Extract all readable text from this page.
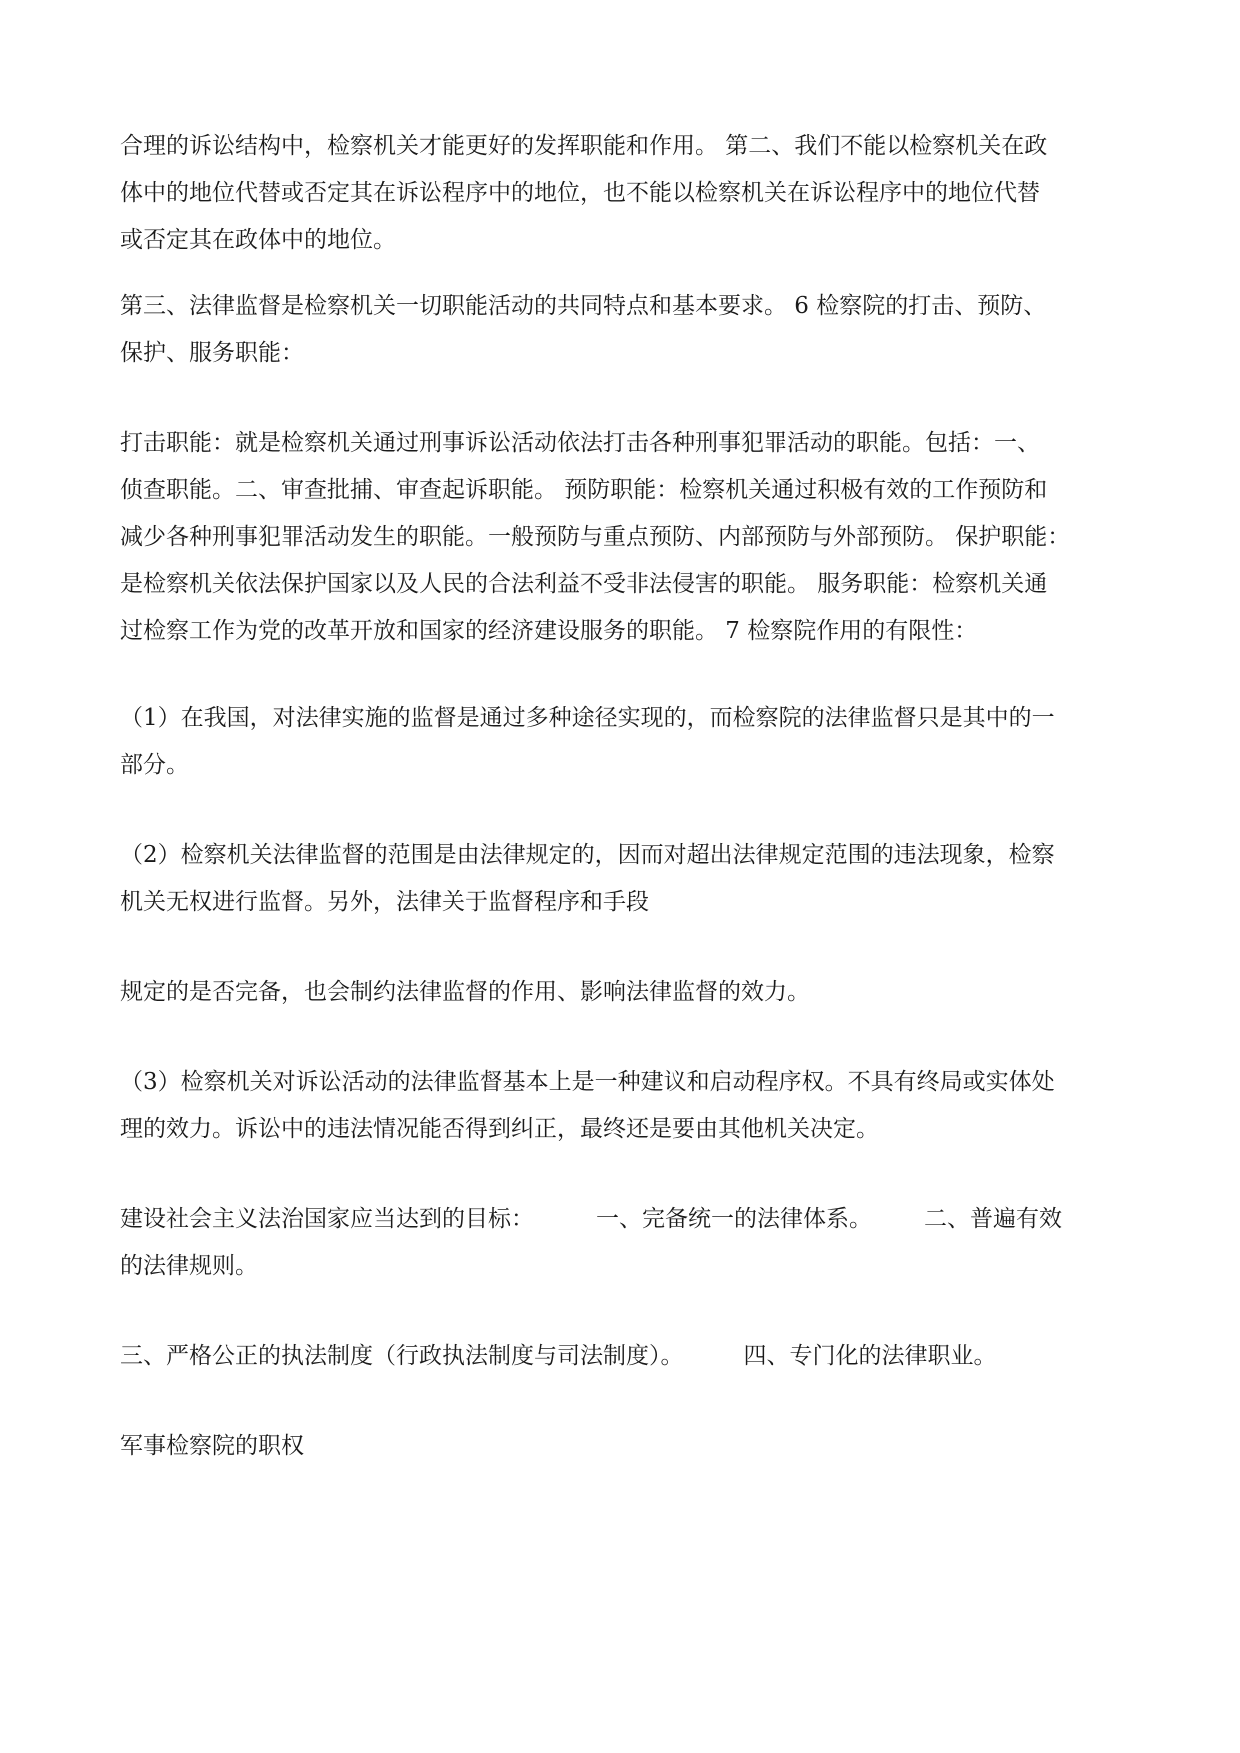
合理的诉讼结构中，检察机关才能更好的发挥职能和作用。 第二、我们不能以检察机关在政
体中的地位代替或否定其在诉讼程序中的地位，也不能以检察机关在诉讼程序中的地位代替
或否定其在政体中的地位。

第三、法律监督是检察机关一切职能活动的共同特点和基本要求。 6 检察院的打击、预防、
保护、服务职能：

打击职能：就是检察机关通过刑事诉讼活动依法打击各种刑事犯罪活动的职能。包括：一、
侦查职能。二、审查批捕、审查起诉职能。 预防职能：检察机关通过积极有效的工作预防和
减少各种刑事犯罪活动发生的职能。一般预防与重点预防、内部预防与外部预防。 保护职能：
是检察机关依法保护国家以及人民的合法利益不受非法侵害的职能。 服务职能：检察机关通
过检察工作为党的改革开放和国家的经济建设服务的职能。 7 检察院作用的有限性：

（1）在我国，对法律实施的监督是通过多种途径实现的，而检察院的法律监督只是其中的一
部分。

（2）检察机关法律监督的范围是由法律规定的，因而对超出法律规定范围的违法现象，检察
机关无权进行监督。另外，法律关于监督程序和手段

规定的是否完备，也会制约法律监督的作用、影响法律监督的效力。

（3）检察机关对诉讼活动的法律监督基本上是一种建议和启动程序权。不具有终局或实体处
理的效力。诉讼中的违法情况能否得到纠正，最终还是要由其他机关决定。

建设社会主义法治国家应当达到的目标：	一、完备统一的法律体系。 二、普遍有效
的法律规则。

三、严格公正的执法制度（行政执法制度与司法制度）。	四、专门化的法律职业。

军事检察院的职权
